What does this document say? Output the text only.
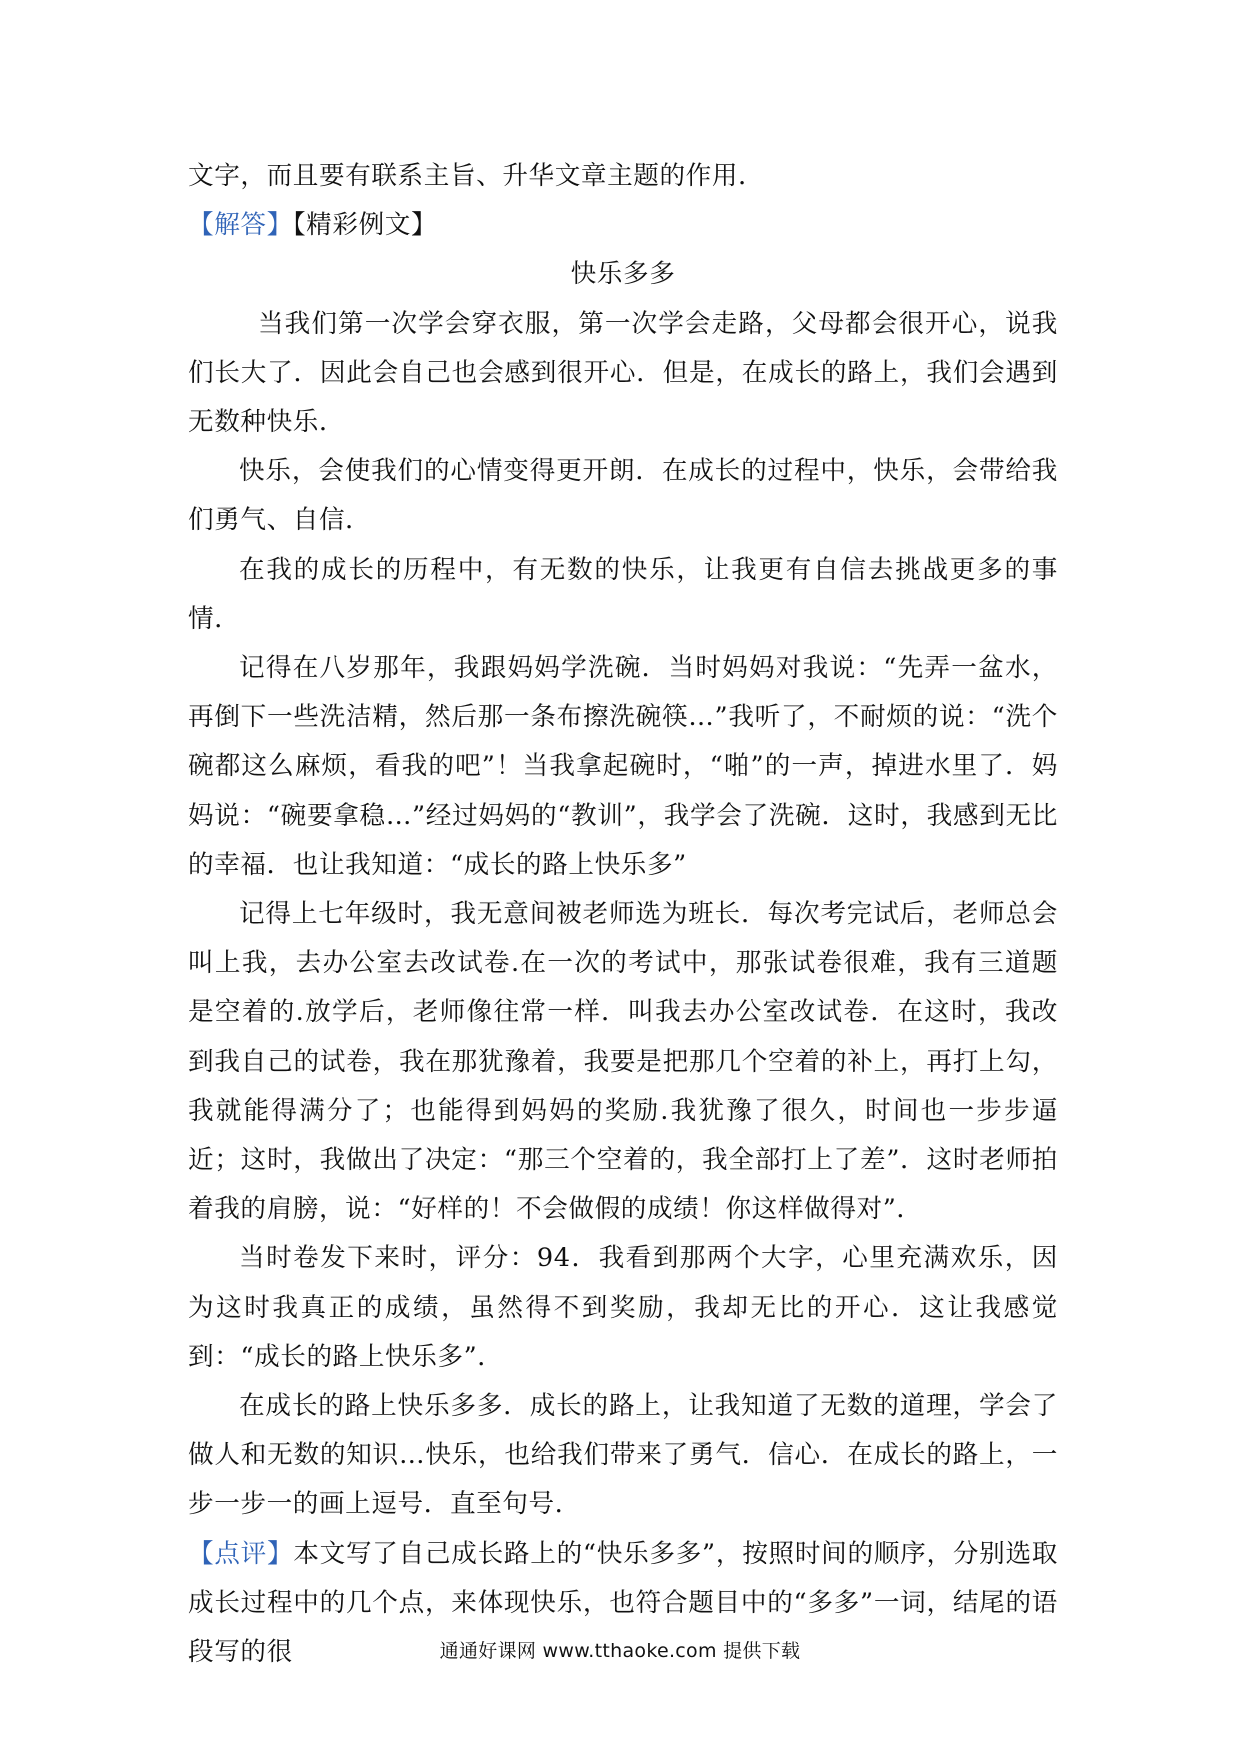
文字，而且要有联系主旨、升华文章主题的作用．

【解答】【精彩例文】

快乐多多

当我们第一次学会穿衣服，第一次学会走路，父母都会很开心，说我们长大了．因此会自己也会感到很开心．但是，在成长的路上，我们会遇到无数种快乐．

快乐，会使我们的心情变得更开朗．在成长的过程中，快乐，会带给我们勇气、自信．

在我的成长的历程中，有无数的快乐，让我更有自信去挑战更多的事情．

记得在八岁那年，我跟妈妈学洗碗．当时妈妈对我说：“先弄一盆水，再倒下一些洗洁精，然后那一条布擦洗碗筷…”我听了，不耐烦的说：“洗个碗都这么麻烦，看我的吧”！当我拿起碗时，“啪”的一声，掉进水里了．妈妈说：“碗要拿稳…”经过妈妈的“教训”，我学会了洗碗．这时，我感到无比的幸福．也让我知道：“成长的路上快乐多”

记得上七年级时，我无意间被老师选为班长．每次考完试后，老师总会叫上我，去办公室去改试卷.在一次的考试中，那张试卷很难，我有三道题是空着的.放学后，老师像往常一样．叫我去办公室改试卷．在这时，我改到我自己的试卷，我在那犹豫着，我要是把那几个空着的补上，再打上勾，我就能得满分了；也能得到妈妈的奖励.我犹豫了很久，时间也一步步逼近；这时，我做出了决定：“那三个空着的，我全部打上了差”．这时老师拍着我的肩膀，说：“好样的！不会做假的成绩！你这样做得对”．

当时卷发下来时，评分：94．我看到那两个大字，心里充满欢乐，因为这时我真正的成绩，虽然得不到奖励，我却无比的开心．这让我感觉到：“成长的路上快乐多”．

在成长的路上快乐多多．成长的路上，让我知道了无数的道理，学会了做人和无数的知识…快乐，也给我们带来了勇气．信心．在成长的路上，一步一步一的画上逗号．直至句号．

【点评】本文写了自己成长路上的“快乐多多”，按照时间的顺序，分别选取成长过程中的几个点，来体现快乐，也符合题目中的“多多”一词，结尾的语段写的很	通通好课网 www.tthaoke.com 提供下载
